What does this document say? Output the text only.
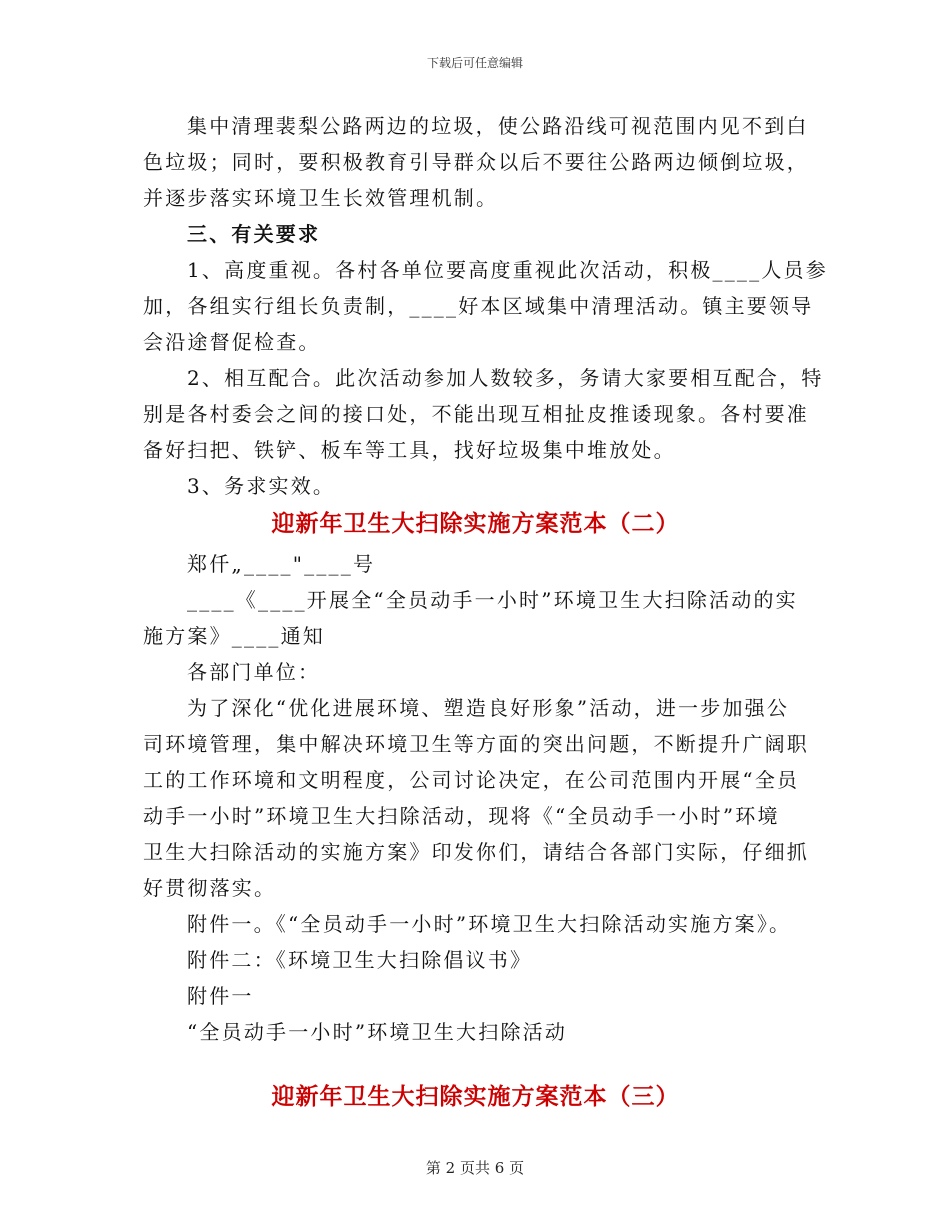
下载后可任意编辑
集中清理裴梨公路两边的垃圾，使公路沿线可视范围内见不到白
色垃圾；同时，要积极教育引导群众以后不要往公路两边倾倒垃圾，
并逐步落实环境卫生长效管理机制。
三、有关要求
1、高度重视。各村各单位要高度重视此次活动，积极____人员参
加，各组实行组长负责制，____好本区域集中清理活动。镇主要领导
会沿途督促检查。
2、相互配合。此次活动参加人数较多，务请大家要相互配合，特
别是各村委会之间的接口处，不能出现互相扯皮推诿现象。各村要准
备好扫把、铁铲、板车等工具，找好垃圾集中堆放处。
3、务求实效。
迎新年卫生大扫除实施方案范本（二）
郑仟„____"____号
____《____开展全“全员动手一小时”环境卫生大扫除活动的实
施方案》____通知
各部门单位：
为了深化“优化进展环境、塑造良好形象”活动，进一步加强公
司环境管理，集中解决环境卫生等方面的突出问题，不断提升广阔职
工的工作环境和文明程度，公司讨论决定，在公司范围内开展“全员
动手一小时”环境卫生大扫除活动，现将《“全员动手一小时”环境
卫生大扫除活动的实施方案》印发你们，请结合各部门实际，仔细抓
好贯彻落实。
附件一。《“全员动手一小时”环境卫生大扫除活动实施方案》。
附件二：《环境卫生大扫除倡议书》
附件一
“全员动手一小时”环境卫生大扫除活动
迎新年卫生大扫除实施方案范本（三）
第 2 页共 6 页
